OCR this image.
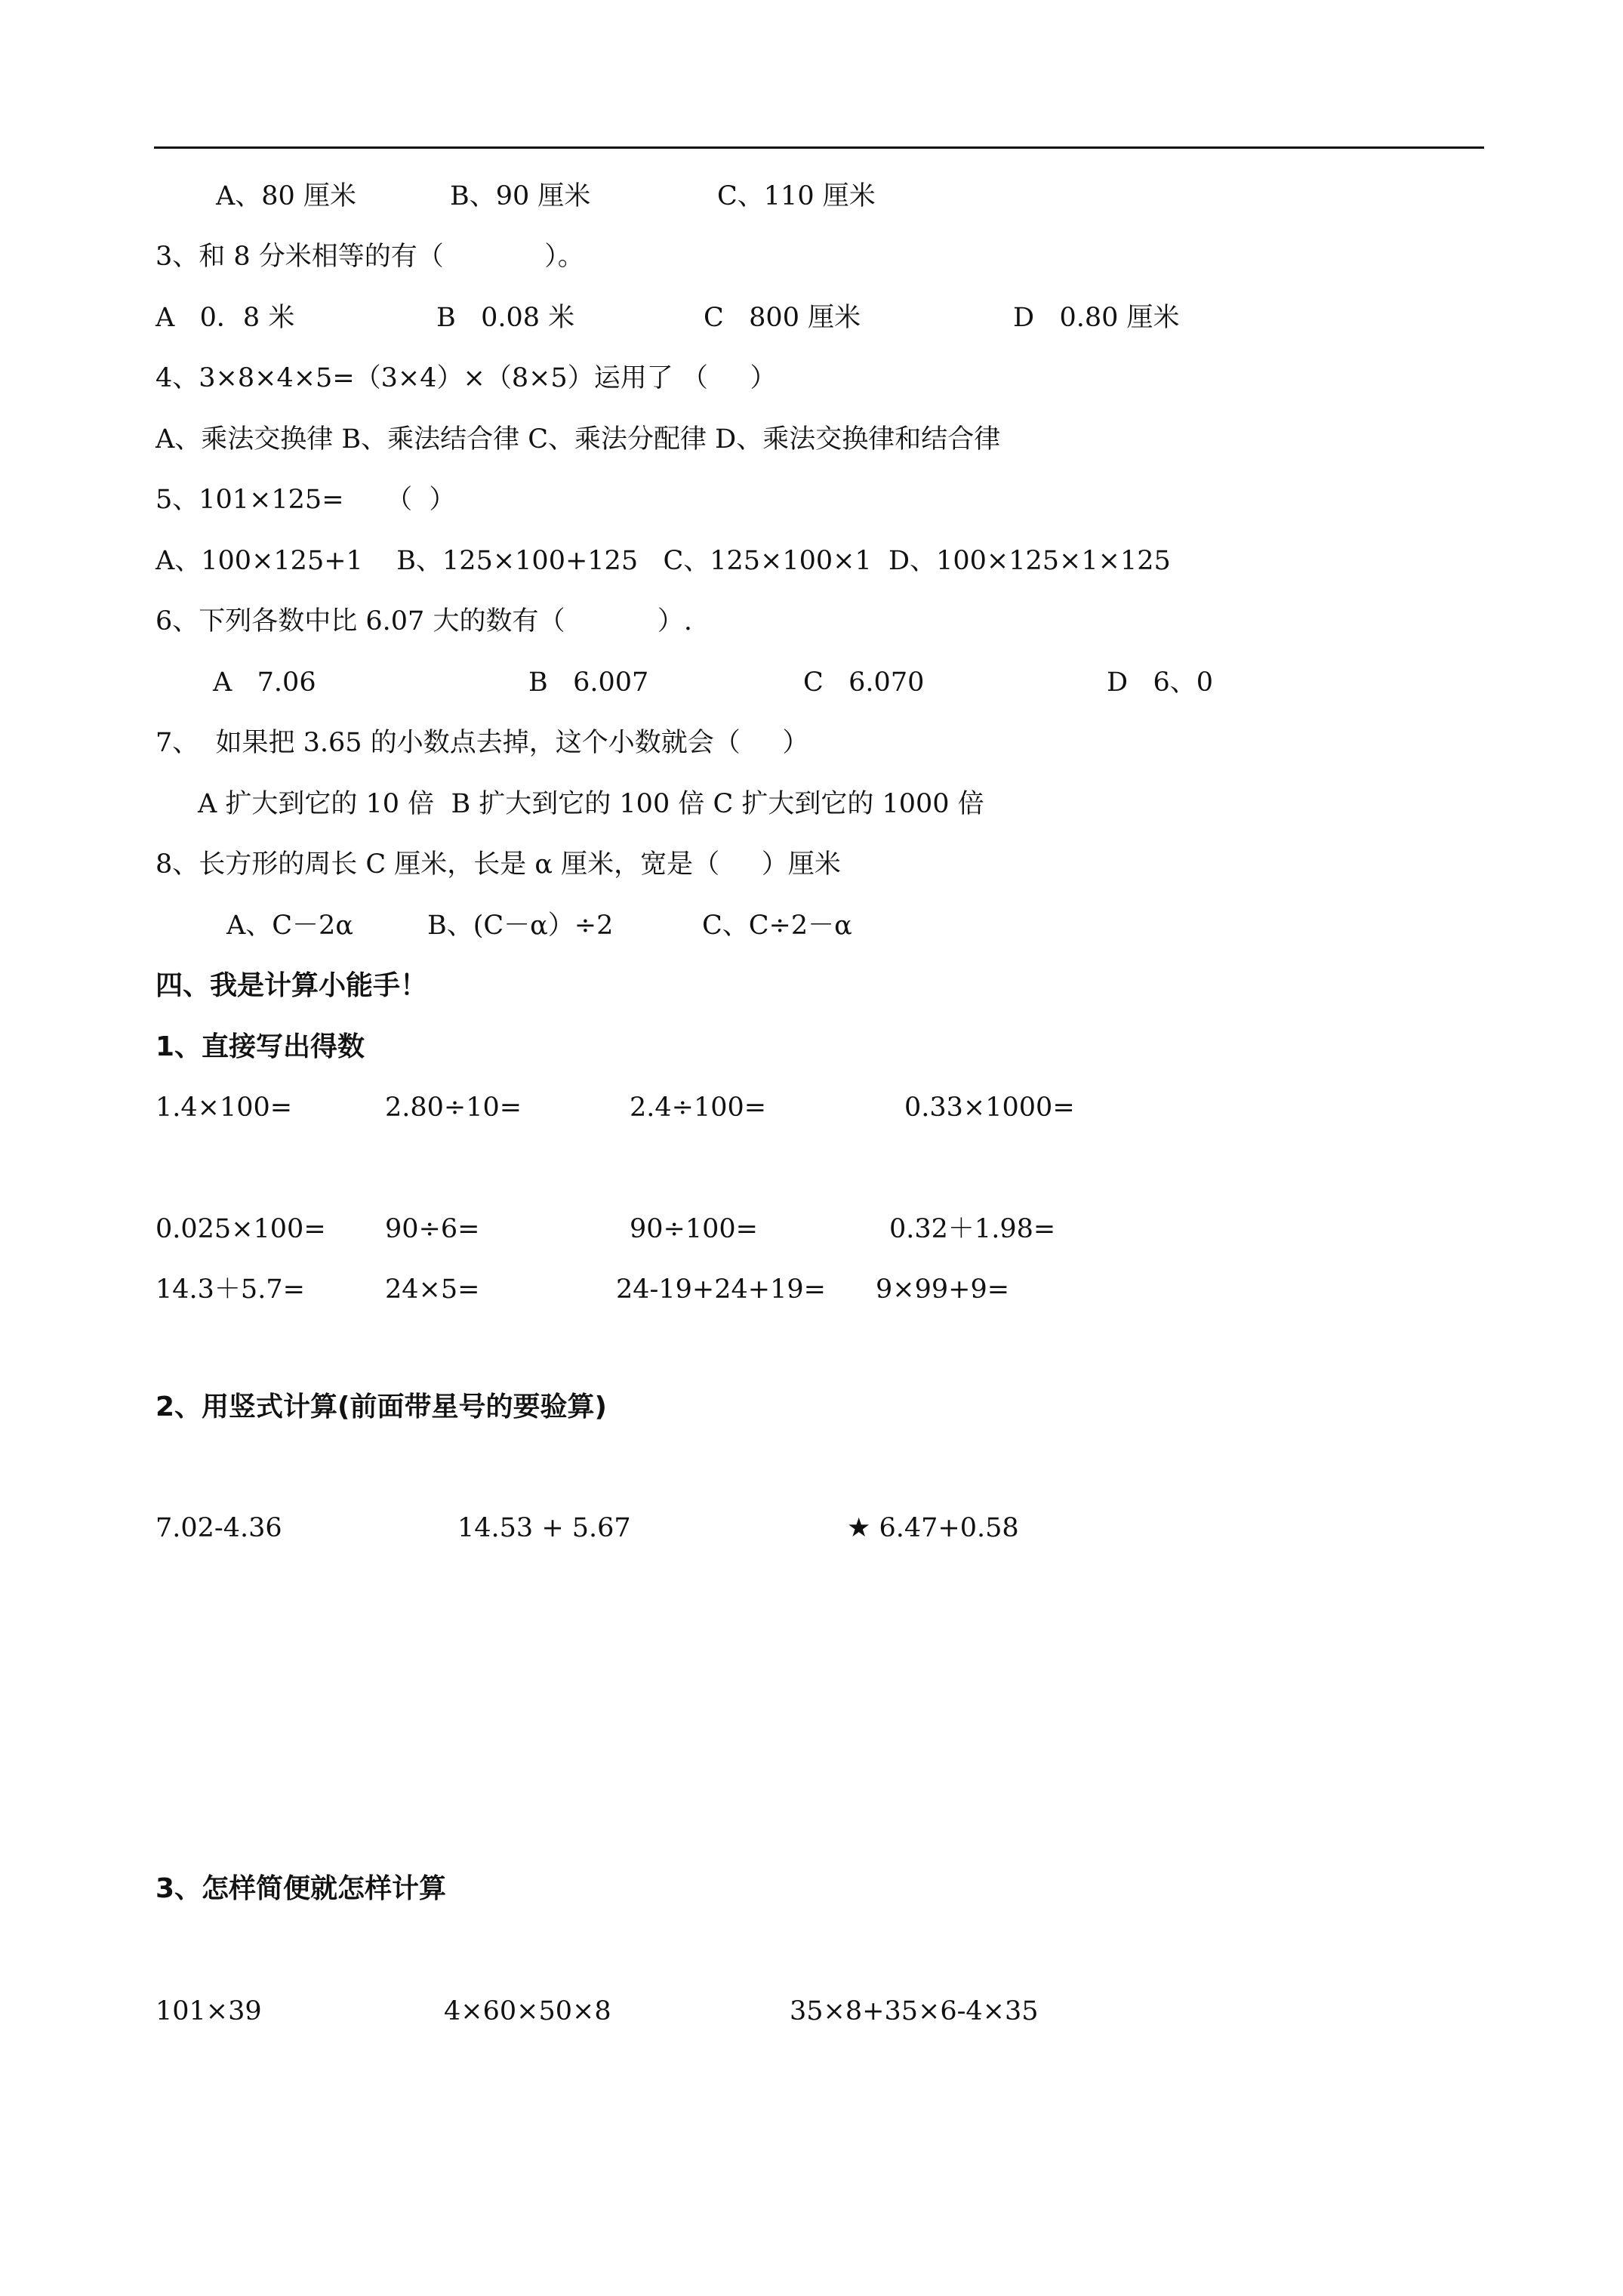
A、80 厘米	B、90 厘米	C、110 厘米
3、和 8 分米相等的有（            ）。
A   0．8 米	B   0.08 米	C   800 厘米	D   0.80 厘米
4、3×8×4×5=（3×4）×（8×5）运用了 （     ）
A、乘法交换律 B、乘法结合律 C、乘法分配律 D、乘法交换律和结合律
5、101×125=     （  ）
A、100×125+1    B、125×100+125   C、125×100×1  D、100×125×1×125
6、下列各数中比 6.07 大的数有（           ）.
A   7.06	B   6.007	C   6.070	D   6、0
7、  如果把 3.65 的小数点去掉，这个小数就会（     ）
A 扩大到它的 10 倍  B 扩大到它的 100 倍 C 扩大到它的 1000 倍
8、长方形的周长 C 厘米，长是 α 厘米，宽是（     ）厘米
A、C－2α	B、(C－α）÷2	C、C÷2－α
四、我是计算小能手！
1、直接写出得数
1.4×100=	2.80÷10=	2.4÷100=	0.33×1000=
0.025×100= 90÷6=	90÷100=	0.32＋1.98=
14.3＋5.7=	24×5=	24-19+24+19= 9×99+9=
2、用竖式计算(前面带星号的要验算)
7.02-4.36	14.53 + 5.67	★ 6.47+0.58
3、怎样简便就怎样计算
101×39	4×60×50×8	35×8+35×6-4×35
